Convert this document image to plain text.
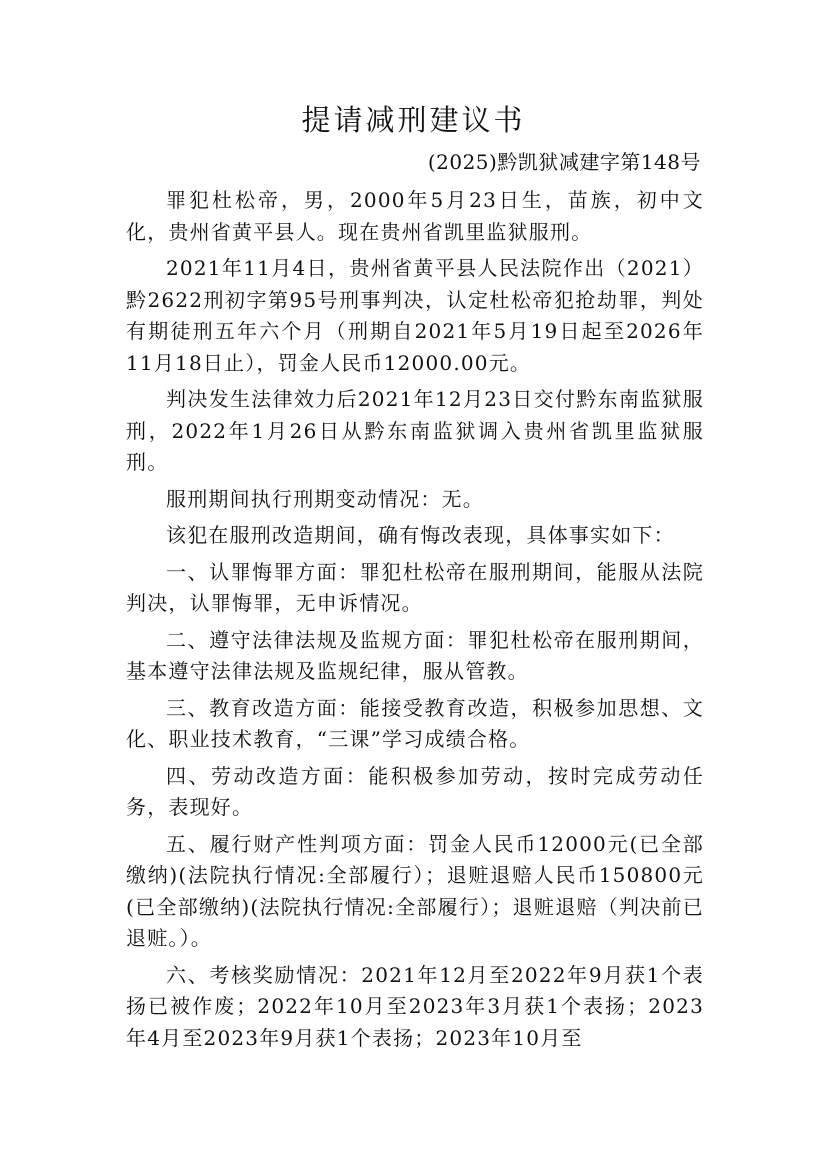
提请减刑建议书
(2025)黔凯狱减建字第148号

罪犯杜松帝，男，2000年5月23日生，苗族，初中文化，贵州省黄平县人。现在贵州省凯里监狱服刑。

2021年11月4日，贵州省黄平县人民法院作出（2021）黔2622刑初字第95号刑事判决，认定杜松帝犯抢劫罪，判处有期徒刑五年六个月（刑期自2021年5月19日起至2026年11月18日止），罚金人民币12000.00元。

判决发生法律效力后2021年12月23日交付黔东南监狱服刑，2022年1月26日从黔东南监狱调入贵州省凯里监狱服刑。

服刑期间执行刑期变动情况：无。

该犯在服刑改造期间，确有悔改表现，具体事实如下：

一、认罪悔罪方面：罪犯杜松帝在服刑期间，能服从法院判决，认罪悔罪，无申诉情况。

二、遵守法律法规及监规方面：罪犯杜松帝在服刑期间，基本遵守法律法规及监规纪律，服从管教。

三、教育改造方面：能接受教育改造，积极参加思想、文化、职业技术教育，“三课”学习成绩合格。

四、劳动改造方面：能积极参加劳动，按时完成劳动任务，表现好。

五、履行财产性判项方面：罚金人民币12000元(已全部缴纳)(法院执行情况:全部履行）；退赃退赔人民币150800元(已全部缴纳)(法院执行情况:全部履行）；退赃退赔（判决前已退赃。）。

六、考核奖励情况：2021年12月至2022年9月获1个表扬已被作废；2022年10月至2023年3月获1个表扬；2023年4月至2023年9月获1个表扬；2023年10月至
